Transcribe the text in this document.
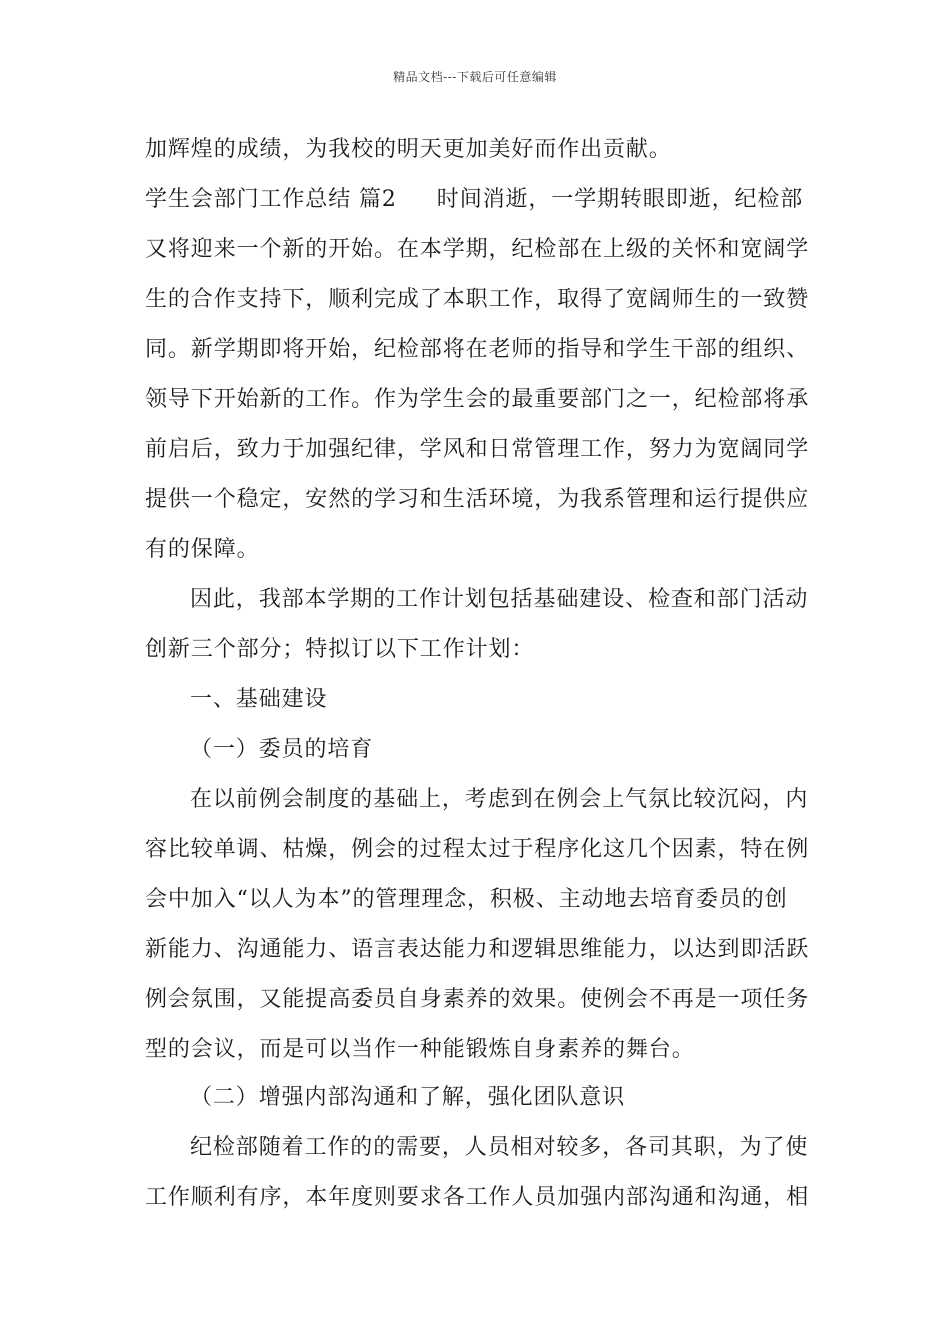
精品文档---下载后可任意编辑
加辉煌的成绩，为我校的明天更加美好而作出贡献。
学生会部门工作总结 篇2 时间消逝，一学期转眼即逝，纪检部
又将迎来一个新的开始。在本学期，纪检部在上级的关怀和宽阔学
生的合作支持下，顺利完成了本职工作，取得了宽阔师生的一致赞
同。新学期即将开始，纪检部将在老师的指导和学生干部的组织、
领导下开始新的工作。作为学生会的最重要部门之一，纪检部将承
前启后，致力于加强纪律，学风和日常管理工作，努力为宽阔同学
提供一个稳定，安然的学习和生活环境，为我系管理和运行提供应
有的保障。
因此，我部本学期的工作计划包括基础建设、检查和部门活动
创新三个部分；特拟订以下工作计划：
一、基础建设
（一）委员的培育
在以前例会制度的基础上，考虑到在例会上气氛比较沉闷，内
容比较单调、枯燥，例会的过程太过于程序化这几个因素，特在例
会中加入“以人为本”的管理理念，积极、主动地去培育委员的创
新能力、沟通能力、语言表达能力和逻辑思维能力，以达到即活跃
例会氛围，又能提高委员自身素养的效果。使例会不再是一项任务
型的会议，而是可以当作一种能锻炼自身素养的舞台。
（二）增强内部沟通和了解，强化团队意识
纪检部随着工作的的需要，人员相对较多，各司其职，为了使
工作顺利有序，本年度则要求各工作人员加强内部沟通和沟通，相
